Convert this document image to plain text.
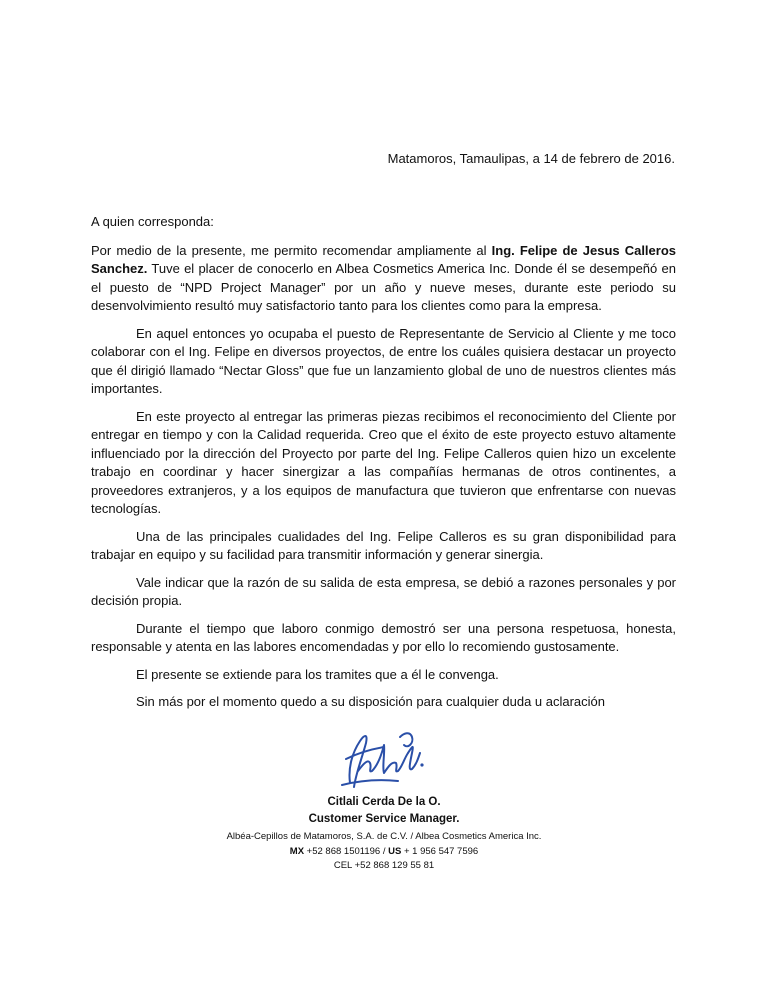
Matamoros, Tamaulipas, a 14 de febrero de 2016.

A quien corresponda:

Por medio de la presente, me permito recomendar ampliamente al Ing. Felipe de Jesus Calleros Sanchez. Tuve el placer de conocerlo en Albea Cosmetics America Inc. Donde él se desempeñó en el puesto de “NPD Project Manager” por un año y nueve meses, durante este periodo su desenvolvimiento resultó muy satisfactorio tanto para los clientes como para la empresa.

En aquel entonces yo ocupaba el puesto de Representante de Servicio al Cliente y me toco colaborar con el Ing. Felipe en diversos proyectos, de entre los cuáles quisiera destacar un proyecto que él dirigió llamado “Nectar Gloss” que fue un lanzamiento global de uno de nuestros clientes más importantes.

En este proyecto al entregar las primeras piezas recibimos el reconocimiento del Cliente por entregar en tiempo y con la Calidad requerida. Creo que el éxito de este proyecto estuvo altamente influenciado por la dirección del Proyecto por parte del Ing. Felipe Calleros quien hizo un excelente trabajo en coordinar y hacer sinergizar a las compañías hermanas de otros continentes, a proveedores extranjeros, y a los equipos de manufactura que tuvieron que enfrentarse con nuevas tecnologías.

Una de las principales cualidades del Ing. Felipe Calleros es su gran disponibilidad para trabajar en equipo y su facilidad para transmitir información y generar sinergia.

Vale indicar que la razón de su salida de esta empresa, se debió a razones personales y por decisión propia.

Durante el tiempo que laboro conmigo demostró ser una persona respetuosa, honesta, responsable y atenta en las labores encomendadas y por ello lo recomiendo gustosamente.

El presente se extiende para los tramites que a él le convenga.

Sin más por el momento quedo a su disposición para cualquier duda u aclaración

Citlali Cerda De la O.
Customer Service Manager.
Albéa-Cepillos de Matamoros, S.A. de C.V. / Albea Cosmetics America Inc.
MX +52 868 1501196 / US + 1 956 547 7596
CEL +52 868 129 55 81
